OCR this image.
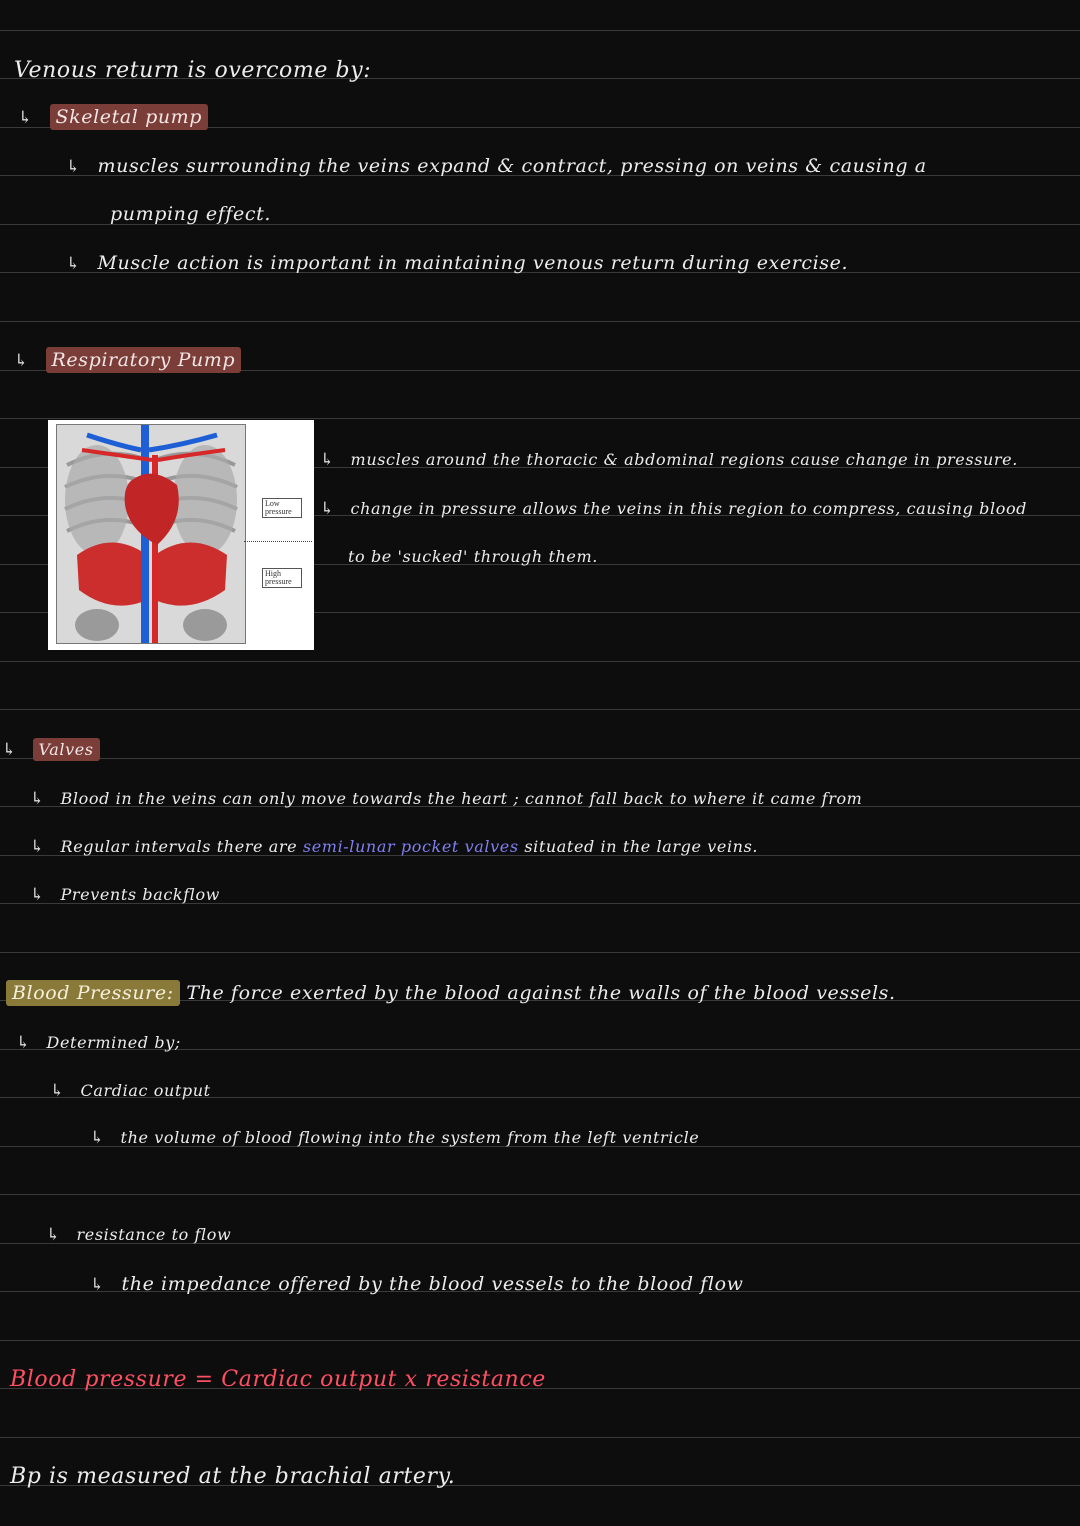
Venous return is overcome by:
↳ Skeletal pump
↳ muscles surrounding the veins expand & contract, pressing on veins & causing a
pumping effect.
↳ Muscle action is important in maintaining venous return during exercise.
↳ Respiratory Pump
Low pressure
High pressure
↳ muscles around the thoracic & abdominal regions cause change in pressure.
↳ change in pressure allows the veins in this region to compress, causing blood
to be 'sucked' through them.
↳ Valves
↳ Blood in the veins can only move towards the heart ; cannot fall back to where it came from
↳ Regular intervals there are semi-lunar pocket valves situated in the large veins.
↳ Prevents backflow
Blood Pressure: The force exerted by the blood against the walls of the blood vessels.
↳ Determined by;
↳ Cardiac output
↳ the volume of blood flowing into the system from the left ventricle
↳ resistance to flow
↳ the impedance offered by the blood vessels to the blood flow
Blood pressure = Cardiac output x resistance
Bp is measured at the brachial artery.
